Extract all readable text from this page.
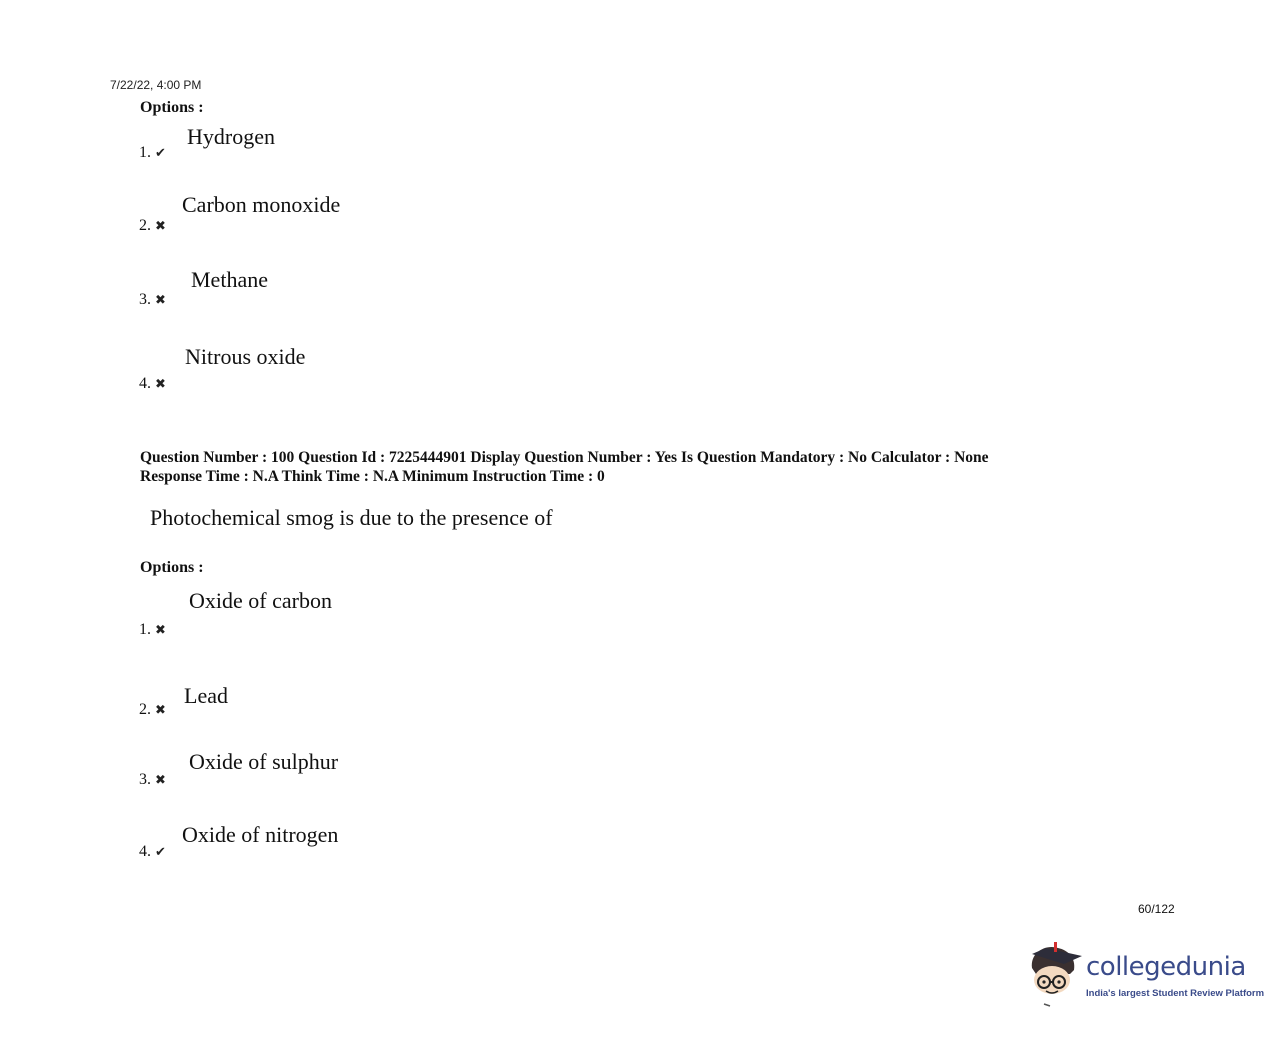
7/22/22, 4:00 PM
Options :
1. ✔
Hydrogen
2. ✖
Carbon monoxide
3. ✖
Methane
4. ✖
Nitrous oxide
Question Number : 100 Question Id : 7225444901 Display Question Number : Yes Is Question Mandatory : No Calculator : None
Response Time : N.A Think Time : N.A Minimum Instruction Time : 0
Photochemical smog is due to the presence of
Options :
1. ✖
Oxide of carbon
2. ✖
Lead
3. ✖
Oxide of sulphur
4. ✔
Oxide of nitrogen
60/122
collegedunia
India's largest Student Review Platform
